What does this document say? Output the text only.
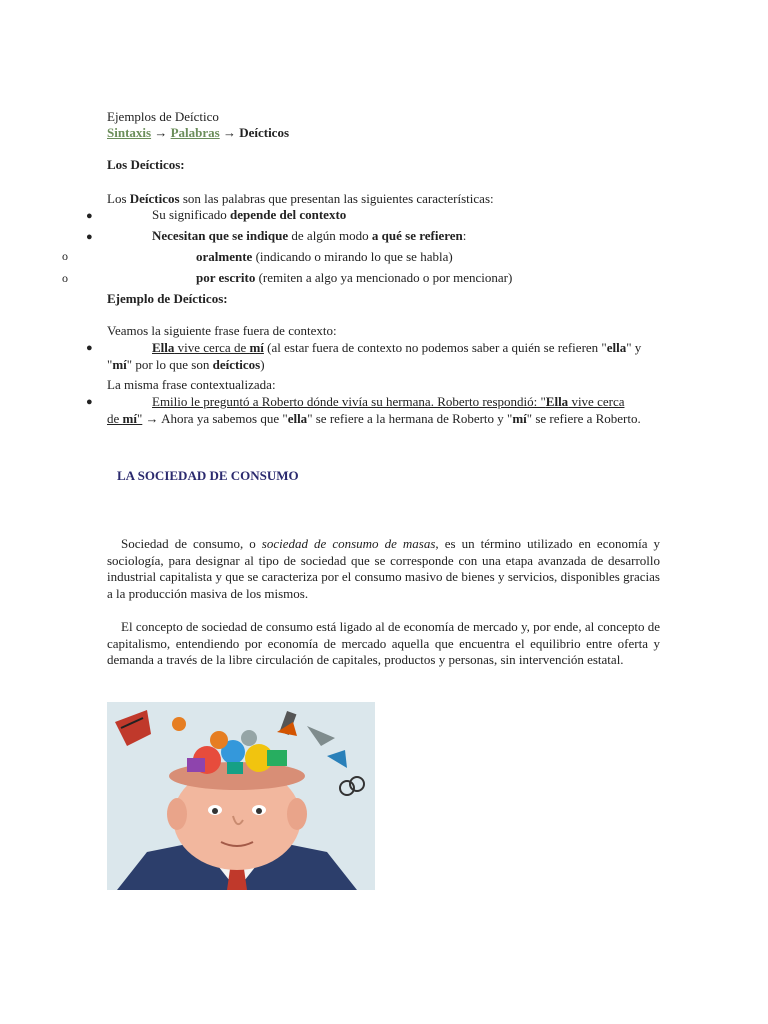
Ejemplos de Deíctico
Sintaxis → Palabras → Deícticos
Los Deícticos:
Los Deícticos son las palabras que presentan las siguientes características:
●	Su significado depende del contexto
●	Necesitan que se indique de algún modo a qué se refieren:
o	oralmente (indicando o mirando lo que se habla)
o	por escrito (remiten a algo ya mencionado o por mencionar)
Ejemplo de Deícticos:
Veamos la siguiente frase fuera de contexto:
●	Ella vive cerca de mí (al estar fuera de contexto no podemos saber a quién se refieren "ella" y
"mí" por lo que son deícticos)
La misma frase contextualizada:
●	Emilio le preguntó a Roberto dónde vivía su hermana. Roberto respondió: "Ella vive cerca
de mí" → Ahora ya sabemos que "ella" se refiere a la hermana de Roberto y "mí" se refiere a Roberto.
LA SOCIEDAD DE CONSUMO
Sociedad de consumo, o sociedad de consumo de masas, es un término utilizado en economía y sociología, para designar al tipo de sociedad que se corresponde con una etapa avanzada de desarrollo industrial capitalista y que se caracteriza por el consumo masivo de bienes y servicios, disponibles gracias a la producción masiva de los mismos.
El concepto de sociedad de consumo está ligado al de economía de mercado y, por ende, al concepto de capitalismo, entendiendo por economía de mercado aquella que encuentra el equilibrio entre oferta y demanda a través de la libre circulación de capitales, productos y personas, sin intervención estatal.
